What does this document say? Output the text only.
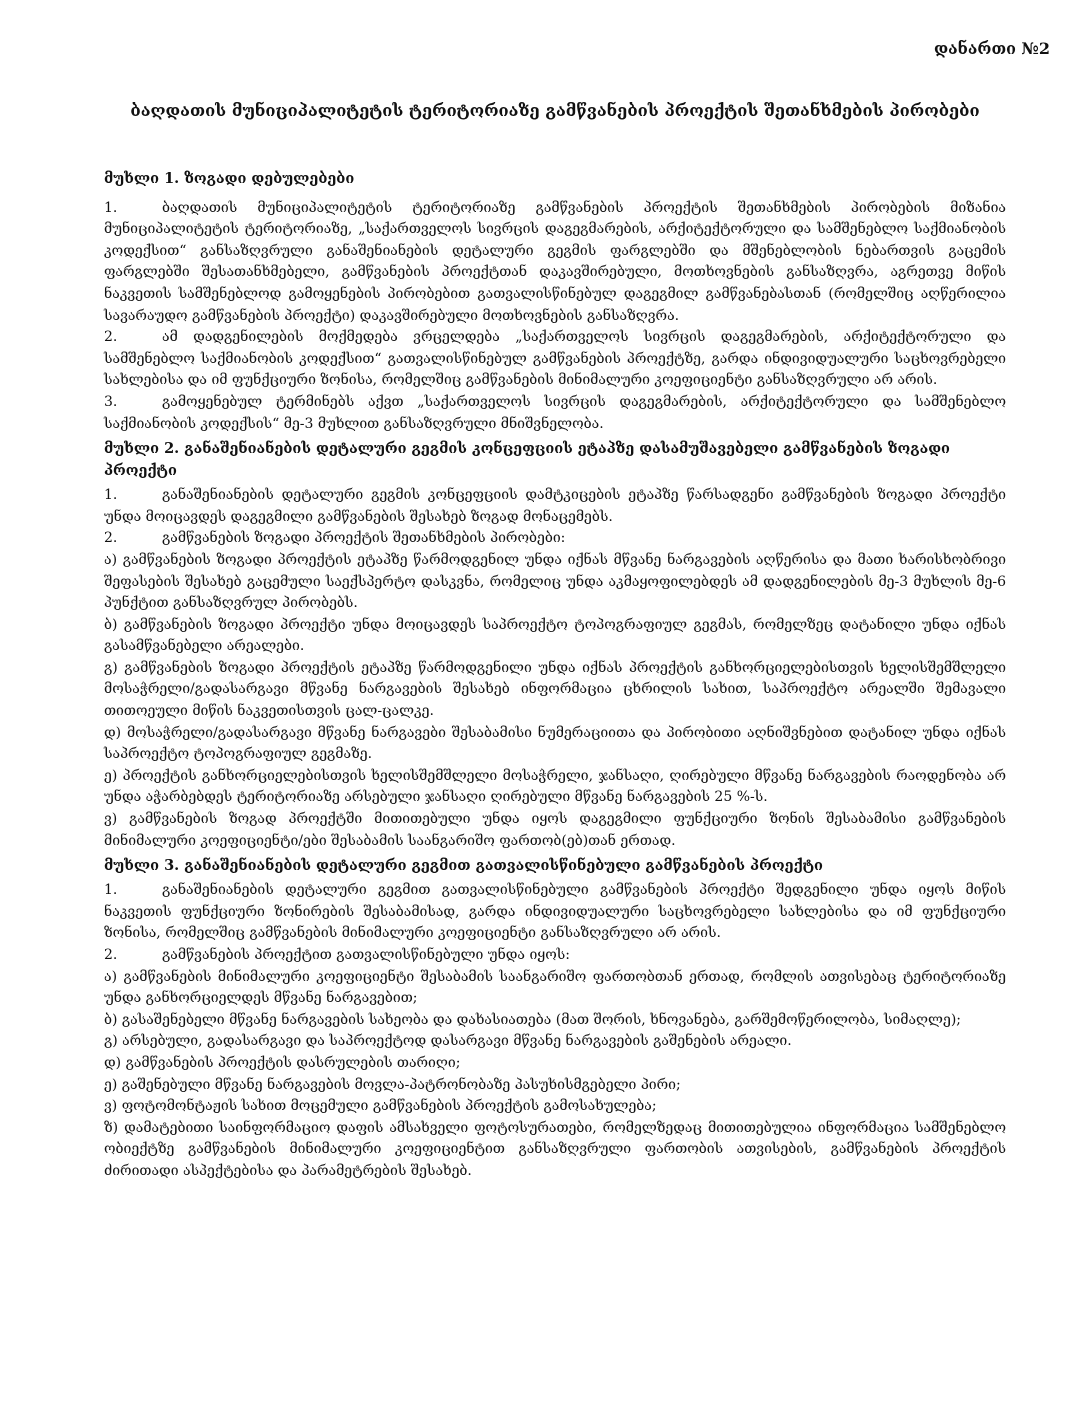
დანართი №2
ბაღდათის მუნიციპალიტეტის ტერიტორიაზე გამწვანების პროექტის შეთანხმების პირობები
მუხლი 1. ზოგადი დებულებები

1.	ბაღდათის მუნიციპალიტეტის ტერიტორიაზე გამწვანების პროექტის შეთანხმების პირობების მიზანია მუნიციპალიტეტის ტერიტორიაზე, „საქართველოს სივრცის დაგეგმარების, არქიტექტორული და სამშენებლო საქმიანობის კოდექსით“ განსაზღვრული განაშენიანების დეტალური გეგმის ფარგლებში და მშენებლობის ნებართვის გაცემის ფარგლებში შესათანხმებელი, გამწვანების პროექტთან დაკავშირებული, მოთხოვნების განსაზღვრა, აგრეთვე მიწის ნაკვეთის სამშენებლოდ გამოყენების პირობებით გათვალისწინებულ დაგეგმილ გამწვანებასთან (რომელშიც აღწერილია სავარაუდო გამწვანების პროექტი) დაკავშირებული მოთხოვნების განსაზღვრა.

2.	ამ დადგენილების მოქმედება ვრცელდება „საქართველოს სივრცის დაგეგმარების, არქიტექტორული და სამშენებლო საქმიანობის კოდექსით“ გათვალისწინებულ გამწვანების პროექტზე, გარდა ინდივიდუალური საცხოვრებელი სახლებისა და იმ ფუნქციური ზონისა, რომელშიც გამწვანების მინიმალური კოეფიციენტი განსაზღვრული არ არის.

3.	გამოყენებულ ტერმინებს აქვთ „საქართველოს სივრცის დაგეგმარების, არქიტექტორული და სამშენებლო საქმიანობის კოდექსის“ მე-3 მუხლით განსაზღვრული მნიშვნელობა.

მუხლი 2. განაშენიანების დეტალური გეგმის კონცეფციის ეტაპზე დასამუშავებელი გამწვანების ზოგადი პროექტი

1.	განაშენიანების დეტალური გეგმის კონცეფციის დამტკიცების ეტაპზე წარსადგენი გამწვანების ზოგადი პროექტი უნდა მოიცავდეს დაგეგმილი გამწვანების შესახებ ზოგად მონაცემებს.

2.	გამწვანების ზოგადი პროექტის შეთანხმების პირობები:

ა) გამწვანების ზოგადი პროექტის ეტაპზე წარმოდგენილ უნდა იქნას მწვანე ნარგავების აღწერისა და მათი ხარისხობრივი შეფასების შესახებ გაცემული საექსპერტო დასკვნა, რომელიც უნდა აკმაყოფილებდეს ამ დადგენილების მე-3 მუხლის მე-6 პუნქტით განსაზღვრულ პირობებს.

ბ) გამწვანების ზოგადი პროექტი უნდა მოიცავდეს საპროექტო ტოპოგრაფიულ გეგმას, რომელზეც დატანილი უნდა იქნას გასამწვანებელი არეალები.

გ) გამწვანების ზოგადი პროექტის ეტაპზე წარმოდგენილი უნდა იქნას პროექტის განხორციელებისთვის ხელისშემშლელი მოსაჭრელი/გადასარგავი მწვანე ნარგავების შესახებ ინფორმაცია ცხრილის სახით, საპროექტო არეალში შემავალი თითოეული მიწის ნაკვეთისთვის ცალ-ცალკე.

დ) მოსაჭრელი/გადასარგავი მწვანე ნარგავები შესაბამისი ნუმერაციითა და პირობითი აღნიშვნებით დატანილ უნდა იქნას საპროექტო ტოპოგრაფიულ გეგმაზე.

ე) პროექტის განხორციელებისთვის ხელისშემშლელი მოსაჭრელი, ჯანსაღი, ღირებული მწვანე ნარგავების რაოდენობა არ უნდა აჭარბებდეს ტერიტორიაზე არსებული ჯანსაღი ღირებული მწვანე ნარგავების 25 %-ს.

ვ) გამწვანების ზოგად პროექტში მითითებული უნდა იყოს დაგეგმილი ფუნქციური ზონის შესაბამისი გამწვანების მინიმალური კოეფიციენტი/ები შესაბამის საანგარიშო ფართობ(ებ)თან ერთად.

მუხლი 3. განაშენიანების დეტალური გეგმით გათვალისწინებული გამწვანების პროექტი

1.	განაშენიანების დეტალური გეგმით გათვალისწინებული გამწვანების პროექტი შედგენილი უნდა იყოს მიწის ნაკვეთის ფუნქციური ზონირების შესაბამისად, გარდა ინდივიდუალური საცხოვრებელი სახლებისა და იმ ფუნქციური ზონისა, რომელშიც გამწვანების მინიმალური კოეფიციენტი განსაზღვრული არ არის.

2.	გამწვანების პროექტით გათვალისწინებული უნდა იყოს:

ა) გამწვანების მინიმალური კოეფიციენტი შესაბამის საანგარიშო ფართობთან ერთად, რომლის ათვისებაც ტერიტორიაზე უნდა განხორციელდეს მწვანე ნარგავებით;

ბ) გასაშენებელი მწვანე ნარგავების სახეობა და დახასიათება (მათ შორის, ხნოვანება, გარშემოწერილობა, სიმაღლე);

გ) არსებული, გადასარგავი და საპროექტოდ დასარგავი მწვანე ნარგავების გაშენების არეალი.

დ) გამწვანების პროექტის დასრულების თარიღი;

ე) გაშენებული მწვანე ნარგავების მოვლა-პატრონობაზე პასუხისმგებელი პირი;

ვ) ფოტომონტაჟის სახით მოცემული გამწვანების პროექტის გამოსახულება;

ზ) დამატებითი საინფორმაციო დაფის ამსახველი ფოტოსურათები, რომელზედაც მითითებულია ინფორმაცია სამშენებლო ობიექტზე გამწვანების მინიმალური კოეფიციენტით განსაზღვრული ფართობის ათვისების, გამწვანების პროექტის ძირითადი ასპექტებისა და პარამეტრების შესახებ.
